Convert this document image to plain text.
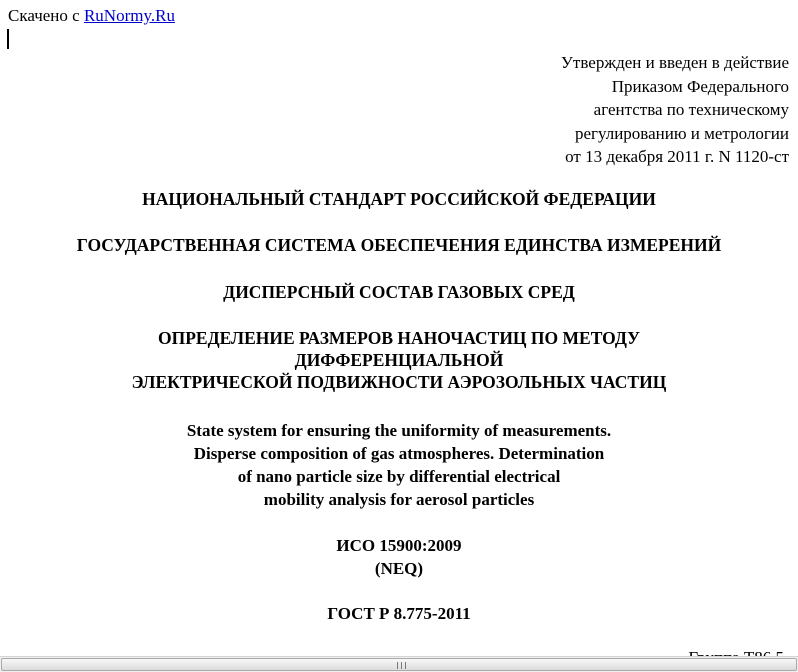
Скачено с RuNormy.Ru
Утвержден и введен в действие
Приказом Федерального
агентства по техническому
регулированию и метрологии
от 13 декабря 2011 г. N 1120-ст
НАЦИОНАЛЬНЫЙ СТАНДАРТ РОССИЙСКОЙ ФЕДЕРАЦИИ
ГОСУДАРСТВЕННАЯ СИСТЕМА ОБЕСПЕЧЕНИЯ ЕДИНСТВА ИЗМЕРЕНИЙ
ДИСПЕРСНЫЙ СОСТАВ ГАЗОВЫХ СРЕД
ОПРЕДЕЛЕНИЕ РАЗМЕРОВ НАНОЧАСТИЦ ПО МЕТОДУ
ДИФФЕРЕНЦИАЛЬНОЙ
ЭЛЕКТРИЧЕСКОЙ ПОДВИЖНОСТИ АЭРОЗОЛЬНЫХ ЧАСТИЦ
State system for ensuring the uniformity of measurements.
Disperse composition of gas atmospheres. Determination
of nano particle size by differential electrical
mobility analysis for aerosol particles
ИСО 15900:2009
(NEQ)
ГОСТ Р 8.775-2011
